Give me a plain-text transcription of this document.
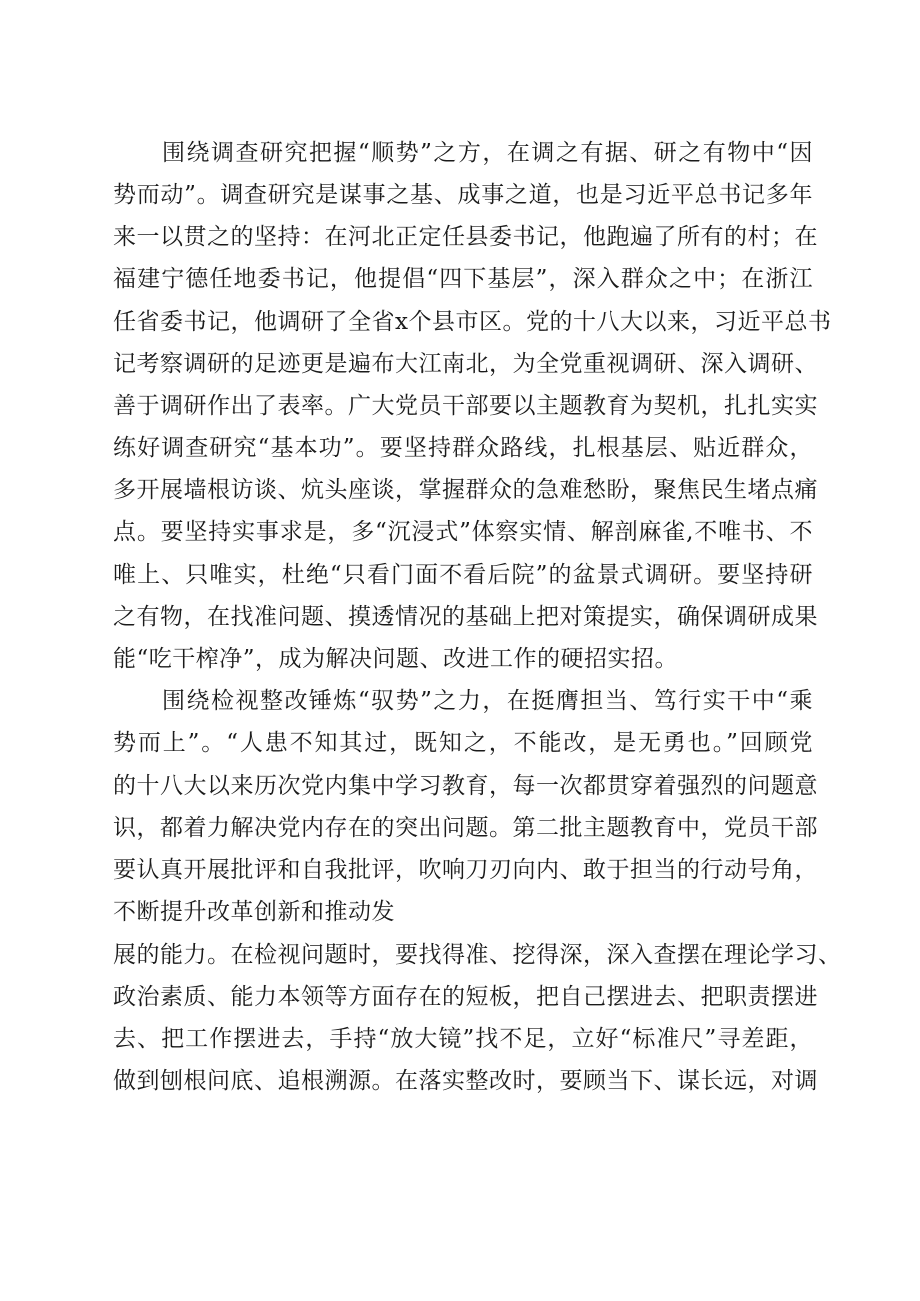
围绕调查研究把握“顺势”之方，在调之有据、研之有物中“因
势而动”。调查研究是谋事之基、成事之道，也是习近平总书记多年
来一以贯之的坚持：在河北正定任县委书记，他跑遍了所有的村；在
福建宁德任地委书记，他提倡“四下基层”，深入群众之中；在浙江
任省委书记，他调研了全省x个县市区。党的十八大以来，习近平总书
记考察调研的足迹更是遍布大江南北，为全党重视调研、深入调研、
善于调研作出了表率。广大党员干部要以主题教育为契机，扎扎实实
练好调查研究“基本功”。要坚持群众路线，扎根基层、贴近群众，
多开展墙根访谈、炕头座谈，掌握群众的急难愁盼，聚焦民生堵点痛
点。要坚持实事求是，多“沉浸式”体察实情、解剖麻雀,不唯书、不
唯上、只唯实，杜绝“只看门面不看后院”的盆景式调研。要坚持研
之有物，在找准问题、摸透情况的基础上把对策提实，确保调研成果
能“吃干榨净”，成为解决问题、改进工作的硬招实招。
围绕检视整改锤炼“驭势”之力，在挺膺担当、笃行实干中“乘
势而上”。“人患不知其过，既知之，不能改，是无勇也。”回顾党
的十八大以来历次党内集中学习教育，每一次都贯穿着强烈的问题意
识，都着力解决党内存在的突出问题。第二批主题教育中，党员干部
要认真开展批评和自我批评，吹响刀刃向内、敢于担当的行动号角，
不断提升改革创新和推动发
展的能力。在检视问题时，要找得准、挖得深，深入查摆在理论学习、
政治素质、能力本领等方面存在的短板，把自己摆进去、把职责摆进
去、把工作摆进去，手持“放大镜”找不足，立好“标准尺”寻差距，
做到刨根问底、追根溯源。在落实整改时，要顾当下、谋长远，对调
